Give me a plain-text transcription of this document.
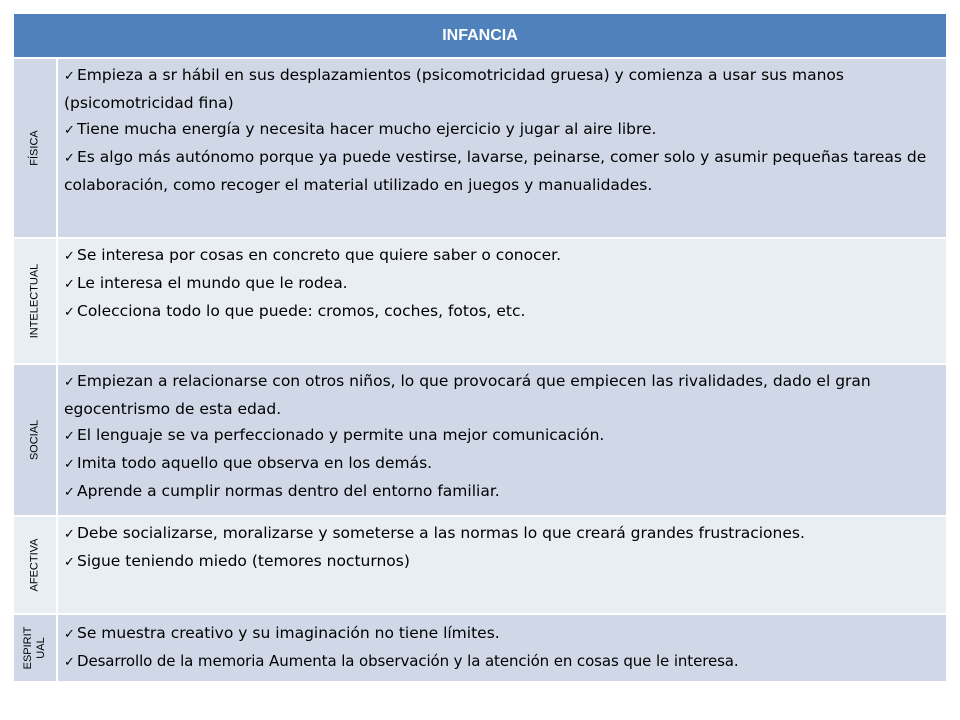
INFANCIA
FÍSICA

✓ Empieza a sr hábil en sus desplazamientos (psicomotricidad gruesa) y comienza a usar sus manos (psicomotricidad fina)

✓ Tiene mucha energía y necesita hacer mucho ejercicio y jugar al aire libre.

✓ Es algo más autónomo porque ya puede vestirse, lavarse, peinarse, comer solo y asumir pequeñas tareas de colaboración, como recoger el material utilizado en juegos y manualidades.

INTELECTUAL

✓ Se interesa por cosas en concreto que quiere saber o conocer.

✓ Le interesa el mundo que le rodea.

✓ Colecciona todo lo que puede: cromos, coches, fotos, etc.

SOCIAL

✓ Empiezan a relacionarse con otros niños, lo que provocará que empiecen las rivalidades, dado el gran egocentrismo de esta edad.

✓ El lenguaje se va perfeccionado y permite una mejor comunicación.

✓ Imita todo aquello que observa en los demás.

✓ Aprende a cumplir normas dentro del entorno familiar.

AFECTIVA

✓ Debe socializarse, moralizarse y someterse a las normas lo que creará grandes frustraciones.

✓ Sigue teniendo miedo (temores nocturnos)

ESPIRIT UAL

✓ Se muestra creativo y su imaginación no tiene límites.

✓ Desarrollo de la memoria Aumenta la observación y la atención en cosas que le interesa.
